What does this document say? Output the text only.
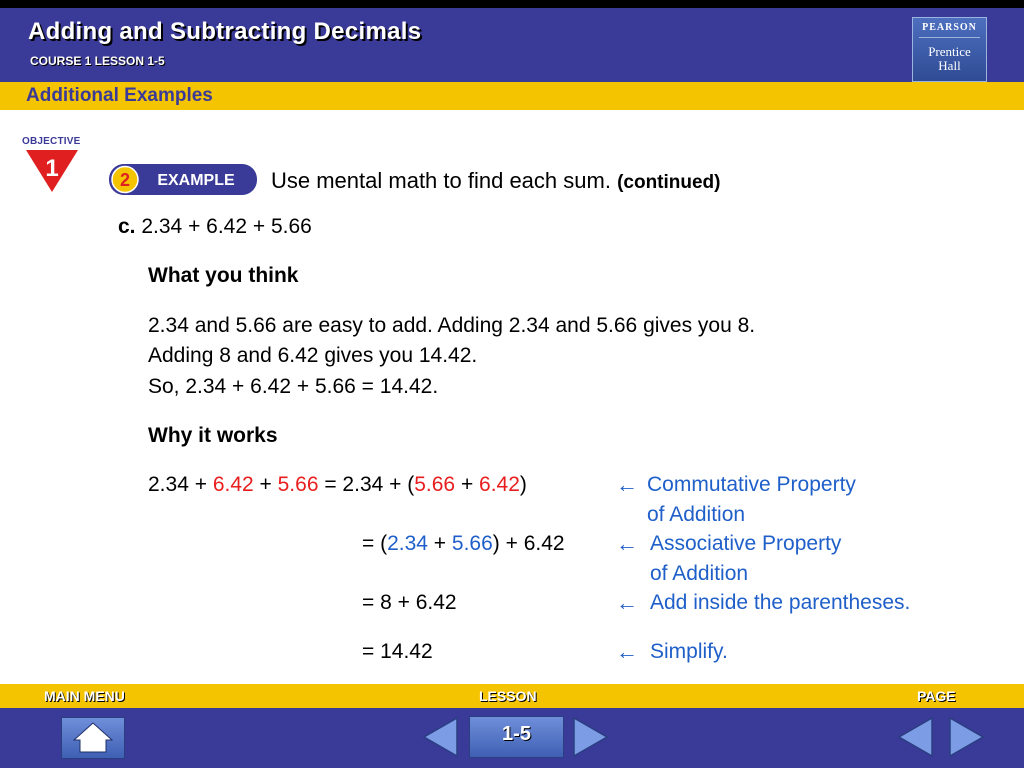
Adding and Subtracting Decimals
COURSE 1 LESSON 1-5
PEARSON
Prentice
Hall
Additional Examples
OBJECTIVE
1	2 EXAMPLE Use mental math to find each sum. (continued)
c. 2.34 + 6.42 + 5.66
What you think
2.34 and 5.66 are easy to add. Adding 2.34 and 5.66 gives you 8.
Adding 8 and 6.42 gives you 14.42.
So, 2.34 + 6.42 + 5.66 = 14.42.
Why it works
2.34 + 6.42 + 5.66 = 2.34 + (5.66 + 6.42)	← Commutative Property
of Addition
= (2.34 + 5.66) + 6.42 ← Associative Property
of Addition
= 8 + 6.42	← Add inside the parentheses.
= 14.42	← Simplify.
MAIN MENU	LESSON	PAGE
1-5
